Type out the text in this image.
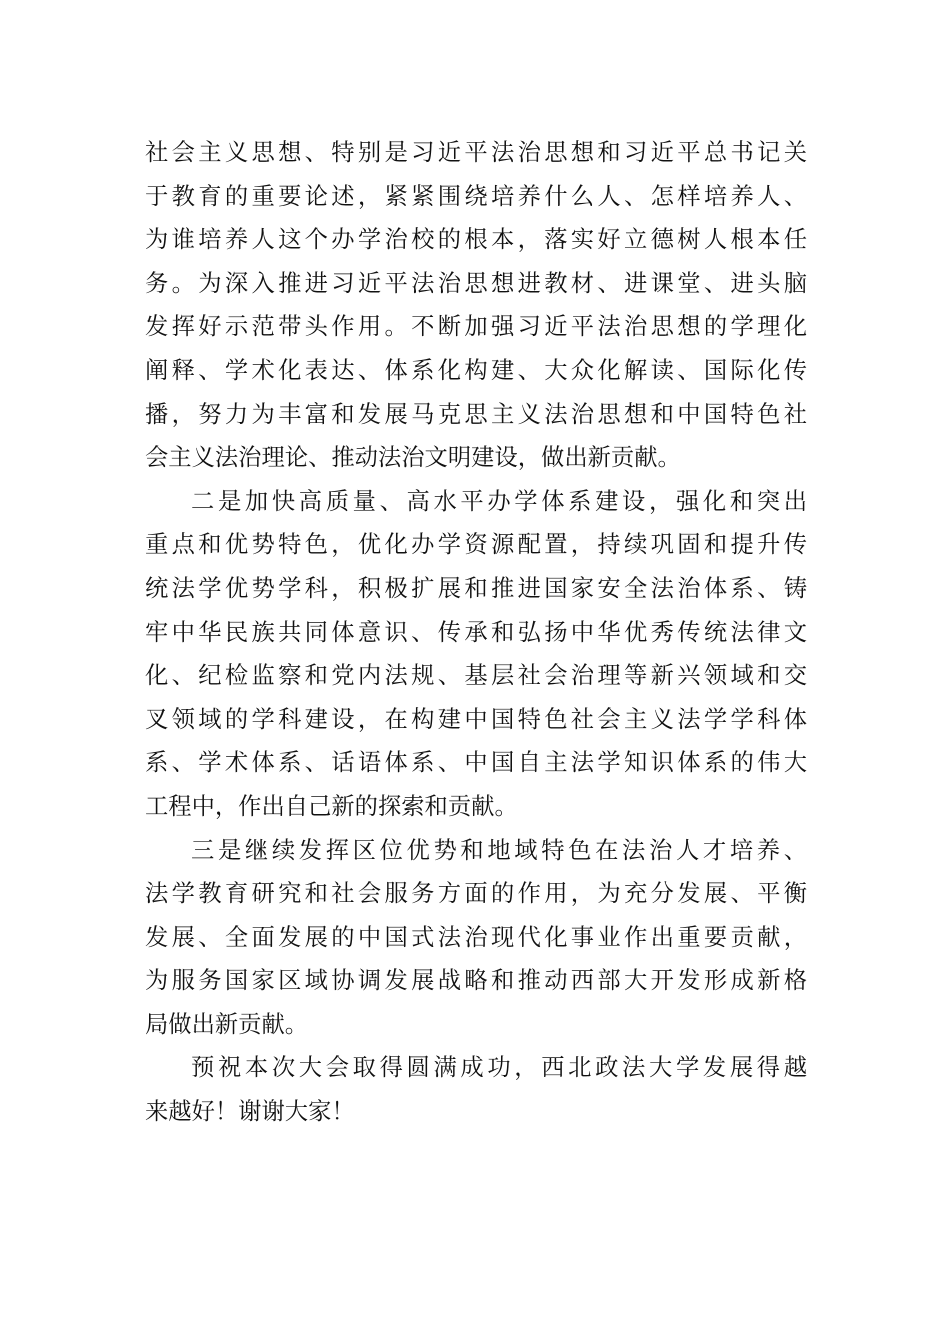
社会主义思想、特别是习近平法治思想和习近平总书记关
于教育的重要论述，紧紧围绕培养什么人、怎样培养人、
为谁培养人这个办学治校的根本，落实好立德树人根本任
务。为深入推进习近平法治思想进教材、进课堂、进头脑
发挥好示范带头作用。不断加强习近平法治思想的学理化
阐释、学术化表达、体系化构建、大众化解读、国际化传
播，努力为丰富和发展马克思主义法治思想和中国特色社
会主义法治理论、推动法治文明建设，做出新贡献。
二是加快高质量、高水平办学体系建设，强化和突出
重点和优势特色，优化办学资源配置，持续巩固和提升传
统法学优势学科，积极扩展和推进国家安全法治体系、铸
牢中华民族共同体意识、传承和弘扬中华优秀传统法律文
化、纪检监察和党内法规、基层社会治理等新兴领域和交
叉领域的学科建设，在构建中国特色社会主义法学学科体
系、学术体系、话语体系、中国自主法学知识体系的伟大
工程中，作出自己新的探索和贡献。
三是继续发挥区位优势和地域特色在法治人才培养、
法学教育研究和社会服务方面的作用，为充分发展、平衡
发展、全面发展的中国式法治现代化事业作出重要贡献，
为服务国家区域协调发展战略和推动西部大开发形成新格
局做出新贡献。
预祝本次大会取得圆满成功，西北政法大学发展得越
来越好！谢谢大家！
